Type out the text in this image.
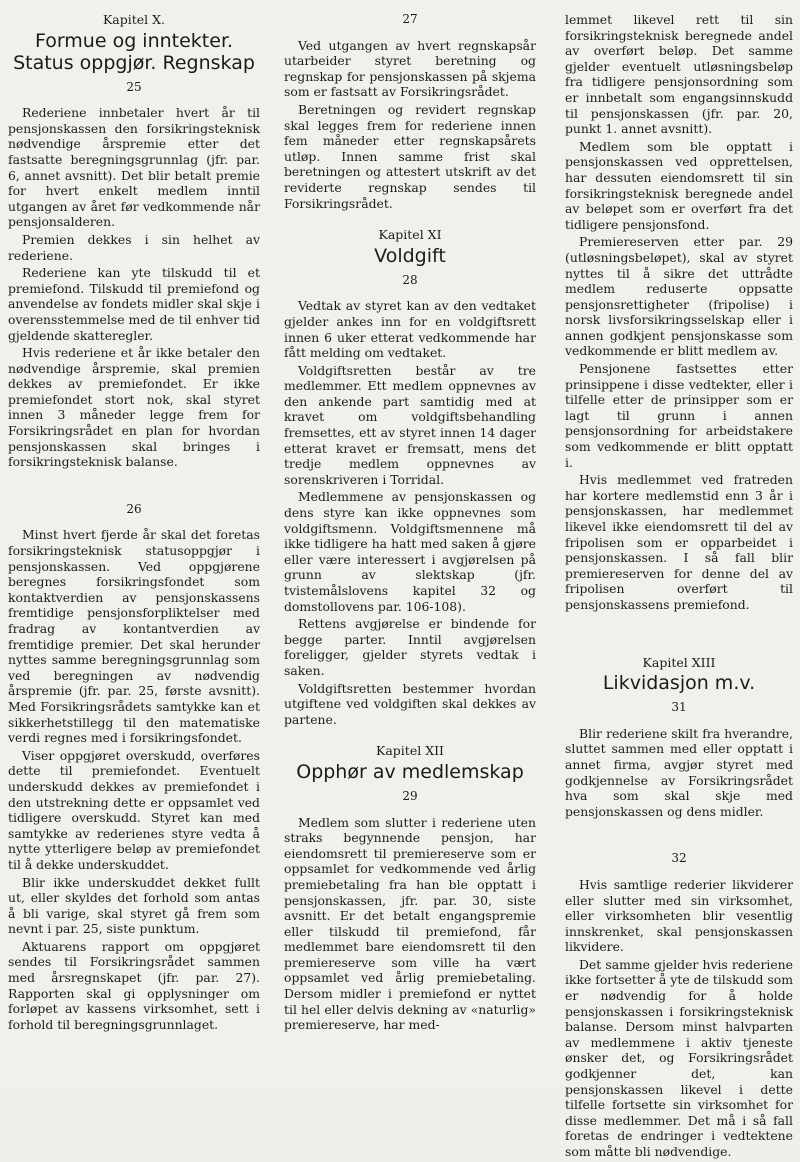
Kapitel X.
Formue og inntekter. Status oppgjør. Regnskap
25

Rederiene innbetaler hvert år til pensjonskassen den forsikringsteknisk nødvendige årspremie etter det fastsatte beregningsgrunnlag (jfr. par. 6, annet avsnitt). Det blir betalt premie for hvert enkelt medlem inntil utgangen av året før vedkommende når pensjonsalderen.

Premien dekkes i sin helhet av rederiene.

Rederiene kan yte tilskudd til et premiefond. Tilskudd til premiefond og anvendelse av fondets midler skal skje i overensstemmelse med de til enhver tid gjeldende skatteregler.

Hvis rederiene et år ikke betaler den nødvendige årspremie, skal premien dekkes av premiefondet. Er ikke premiefondet stort nok, skal styret innen 3 måneder legge frem for Forsikringsrådet en plan for hvordan pensjonskassen skal bringes i forsikringsteknisk balanse.

26

Minst hvert fjerde år skal det foretas forsikringsteknisk statusoppgjør i pensjonskassen. Ved oppgjørene beregnes forsikringsfondet som kontaktverdien av pensjonskassens fremtidige pensjonsforpliktelser med fradrag av kontantverdien av fremtidige premier. Det skal herunder nyttes samme beregningsgrunnlag som ved beregningen av nødvendig årspremie (jfr. par. 25, første avsnitt). Med Forsikringsrådets samtykke kan et sikkerhetstillegg til den matematiske verdi regnes med i forsikringsfondet.

Viser oppgjøret overskudd, overføres dette til premiefondet. Eventuelt underskudd dekkes av premiefondet i den utstrekning dette er oppsamlet ved tidligere overskudd. Styret kan med samtykke av rederienes styre vedta å nytte ytterligere beløp av premiefondet til å dekke underskuddet.

Blir ikke underskuddet dekket fullt ut, eller skyldes det forhold som antas å bli varige, skal styret gå frem som nevnt i par. 25, siste punktum.

Aktuarens rapport om oppgjøret sendes til Forsikringsrådet sammen med årsregnskapet (jfr. par. 27). Rapporten skal gi opplysninger om forløpet av kassens virksomhet, sett i forhold til beregningsgrunnlaget.

27

Ved utgangen av hvert regnskapsår utarbeider styret beretning og regnskap for pensjonskassen på skjema som er fastsatt av Forsikringsrådet.

Beretningen og revidert regnskap skal legges frem for rederiene innen fem måneder etter regnskapsårets utløp. Innen samme frist skal beretningen og attestert utskrift av det reviderte regnskap sendes til Forsikringsrådet.

Kapitel XI
Voldgift
28

Vedtak av styret kan av den vedtaket gjelder ankes inn for en voldgiftsrett innen 6 uker etterat vedkommende har fått melding om vedtaket.

Voldgiftsretten består av tre medlemmer. Ett medlem oppnevnes av den ankende part samtidig med at kravet om voldgiftsbehandling fremsettes, ett av styret innen 14 dager etterat kravet er fremsatt, mens det tredje medlem oppnevnes av sorenskriveren i Torridal.

Medlemmene av pensjonskassen og dens styre kan ikke oppnevnes som voldgiftsmenn. Voldgiftsmennene må ikke tidligere ha hatt med saken å gjøre eller være interessert i avgjørelsen på grunn av slektskap (jfr. tvistemålslovens kapitel 32 og domstollovens par. 106-108).

Rettens avgjørelse er bindende for begge parter. Inntil avgjørelsen foreligger, gjelder styrets vedtak i saken.

Voldgiftsretten bestemmer hvordan utgiftene ved voldgiften skal dekkes av partene.

Kapitel XII
Opphør av medlemskap
29

Medlem som slutter i rederiene uten straks begynnende pensjon, har eiendomsrett til premiereserve som er oppsamlet for vedkommende ved årlig premiebetaling fra han ble opptatt i pensjonskassen, jfr. par. 30, siste avsnitt. Er det betalt engangspremie eller tilskudd til premiefond, får medlemmet bare eiendomsrett til den premiereserve som ville ha vært oppsamlet ved årlig premiebetaling. Dersom midler i premiefond er nyttet til hel eller delvis dekning av «naturlig» premiereserve, har med-

lemmet likevel rett til sin forsikringsteknisk beregnede andel av overført beløp. Det samme gjelder eventuelt utløsningsbeløp fra tidligere pensjonsordning som er innbetalt som engangsinnskudd til pensjonskassen (jfr. par. 20, punkt 1. annet avsnitt).

Medlem som ble opptatt i pensjonskassen ved opprettelsen, har dessuten eiendomsrett til sin forsikringsteknisk beregnede andel av beløpet som er overført fra det tidligere pensjonsfond.

Premiereserven etter par. 29 (utløsningsbeløpet), skal av styret nyttes til å sikre det uttrådte medlem reduserte oppsatte pensjonsrettigheter (fripolise) i norsk livsforsikringsselskap eller i annen godkjent pensjonskasse som vedkommende er blitt medlem av.

Pensjonene fastsettes etter prinsippene i disse vedtekter, eller i tilfelle etter de prinsipper som er lagt til grunn i annen pensjonsordning for arbeidstakere som vedkommende er blitt opptatt i.

Hvis medlemmet ved fratreden har kortere medlemstid enn 3 år i pensjonskassen, har medlemmet likevel ikke eiendomsrett til del av fripolisen som er opparbeidet i pensjonskassen. I så fall blir premiereserven for denne del av fripolisen overført til pensjonskassens premiefond.

Kapitel XIII
Likvidasjon m.v.
31

Blir rederiene skilt fra hverandre, sluttet sammen med eller opptatt i annet firma, avgjør styret med godkjennelse av Forsikringsrådet hva som skal skje med pensjonskassen og dens midler.

32

Hvis samtlige rederier likviderer eller slutter med sin virksomhet, eller virksomheten blir vesentlig innskrenket, skal pensjonskassen likvidere.

Det samme gjelder hvis rederiene ikke fortsetter å yte de tilskudd som er nødvendig for å holde pensjonskassen i forsikringsteknisk balanse. Dersom minst halvparten av medlemmene i aktiv tjeneste ønsker det, og Forsikringsrådet godkjenner det, kan pensjonskassen likevel i dette tilfelle fortsette sin virksomhet for disse medlemmer. Det må i så fall foretas de endringer i vedtektene som måtte bli nødvendige.
